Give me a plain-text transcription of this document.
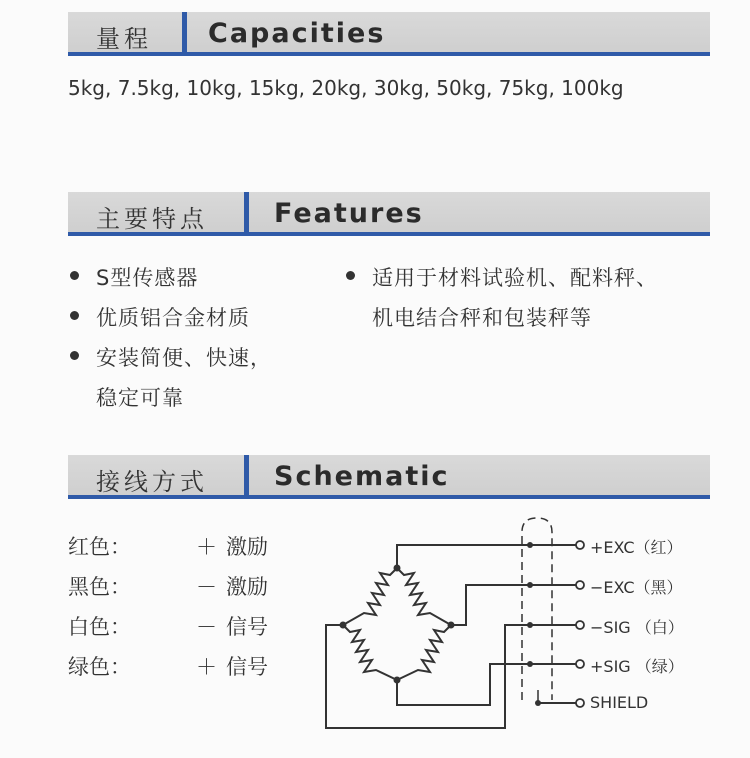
量程 Capacities
5kg, 7.5kg, 10kg, 15kg, 20kg, 30kg, 50kg, 75kg, 100kg
主要特点 Features
S型传感器
优质铝合金材质
安装简便、快速，
稳定可靠
适用于材料试验机、配料秤、
机电结合秤和包装秤等
接线方式 Schematic
红色：	＋ 激励
黑色：	－ 激励
白色：	－ 信号
绿色：	＋ 信号
+EXC（红）
−EXC（黑）
−SIG （白）
+SIG （绿）
SHIELD
